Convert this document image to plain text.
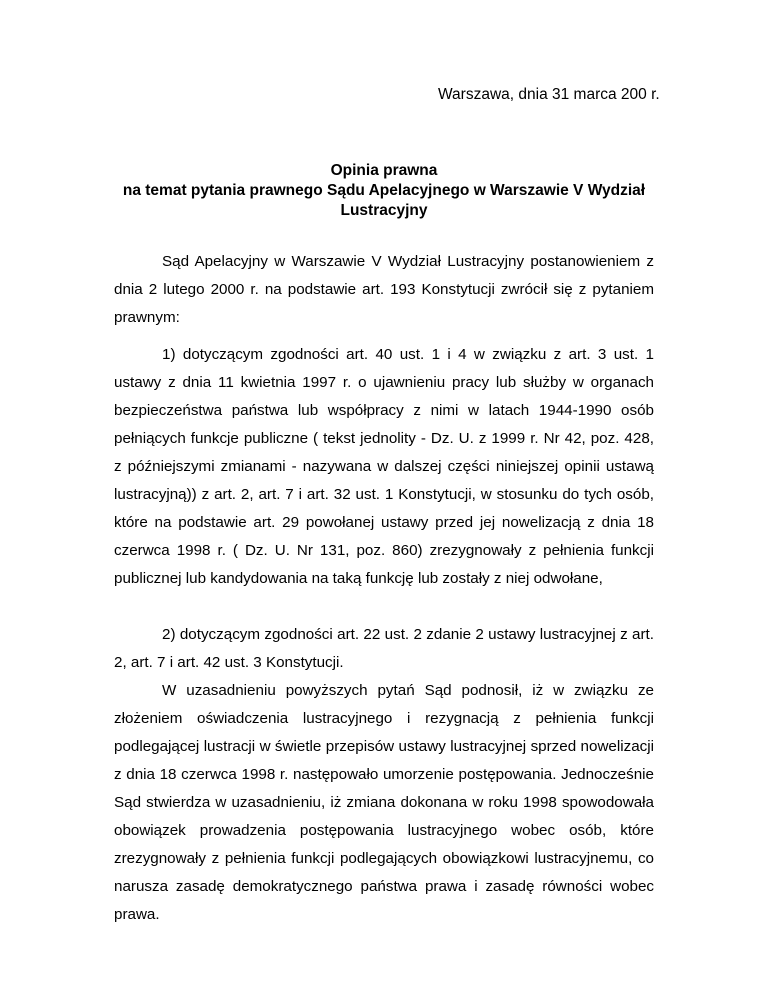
Warszawa, dnia 31 marca 200 r.
Opinia prawna
na temat pytania prawnego Sądu Apelacyjnego w Warszawie V Wydział
Lustracyjny

Sąd Apelacyjny w Warszawie V Wydział Lustracyjny postanowieniem z dnia 2 lutego 2000 r. na podstawie art. 193 Konstytucji zwrócił się z pytaniem prawnym:

1) dotyczącym zgodności art. 40 ust. 1 i 4 w związku z art. 3 ust. 1 ustawy z dnia 11 kwietnia 1997 r. o ujawnieniu pracy lub służby w organach bezpieczeństwa państwa lub współpracy z nimi w latach 1944-1990 osób pełniących funkcje publiczne ( tekst jednolity - Dz. U. z 1999 r. Nr 42, poz. 428, z późniejszymi zmianami - nazywana w dalszej części niniejszej opinii ustawą lustracyjną)) z art. 2, art. 7 i art. 32 ust. 1 Konstytucji, w stosunku do tych osób, które na podstawie art. 29 powołanej ustawy przed jej nowelizacją z dnia 18 czerwca 1998 r. ( Dz. U. Nr 131, poz. 860) zrezygnowały z pełnienia funkcji publicznej lub kandydowania na taką funkcję lub zostały z niej odwołane,

2) dotyczącym zgodności art. 22 ust. 2 zdanie 2 ustawy lustracyjnej z art. 2, art. 7 i art. 42 ust. 3 Konstytucji.

W uzasadnieniu powyższych pytań Sąd podnosił, iż w związku ze złożeniem oświadczenia lustracyjnego i rezygnacją z pełnienia funkcji podlegającej lustracji w świetle przepisów ustawy lustracyjnej sprzed nowelizacji z dnia 18 czerwca 1998 r. następowało umorzenie postępowania. Jednocześnie Sąd stwierdza w uzasadnieniu, iż zmiana dokonana w roku 1998 spowodowała obowiązek prowadzenia postępowania lustracyjnego wobec osób, które zrezygnowały z pełnienia funkcji podlegających obowiązkowi lustracyjnemu, co narusza zasadę demokratycznego państwa prawa i zasadę równości wobec prawa.
